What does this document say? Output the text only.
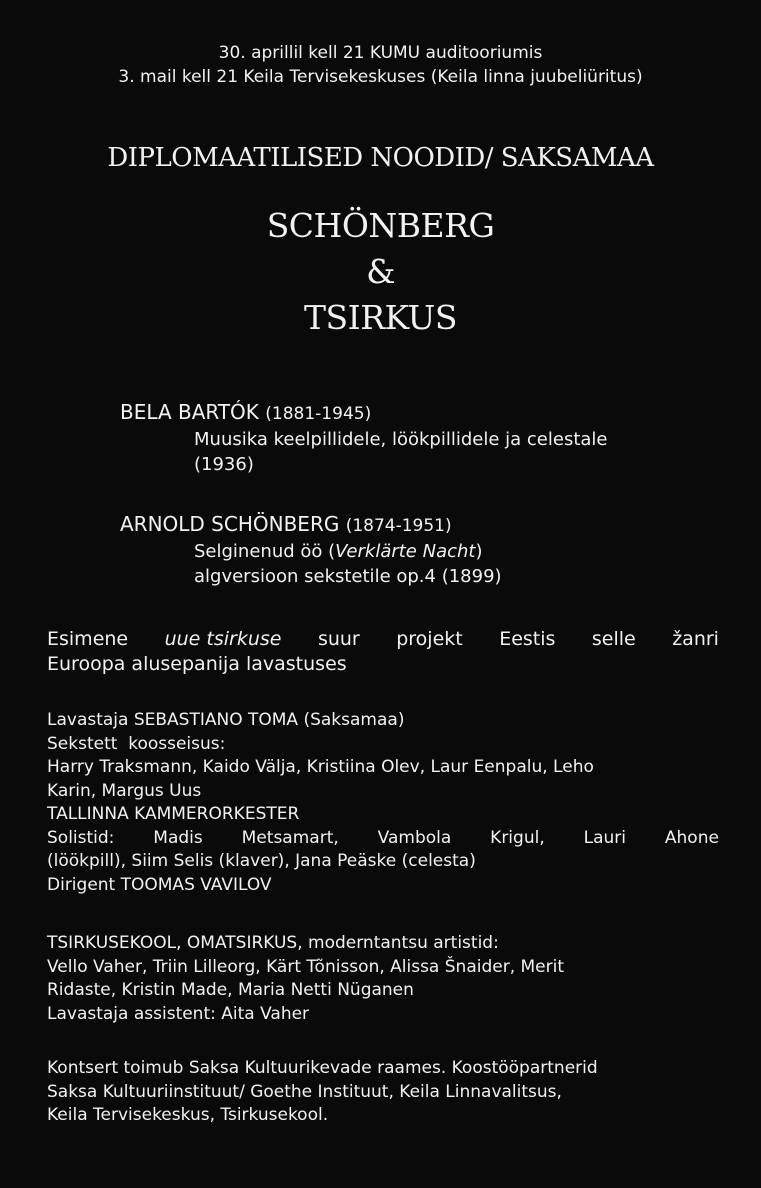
30. aprillil kell 21 KUMU auditooriumis
3. mail kell 21 Keila Tervisekeskuses (Keila linna juubeliüritus)
DIPLOMAATILISED NOODID/ SAKSAMAA
SCHÖNBERG
&
TSIRKUS
BELA BARTÓK (1881-1945)
Muusika keelpillidele, löökpillidele ja celestale
(1936)
ARNOLD SCHÖNBERG (1874-1951)
Selginenud öö (Verklärte Nacht)
algversioon sekstetile op.4 (1899)
Esimene uue tsirkuse suur projekt Eestis selle žanri
Euroopa alusepanija lavastuses
Lavastaja SEBASTIANO TOMA (Saksamaa)
Sekstett  koosseisus:
Harry Traksmann, Kaido Välja, Kristiina Olev, Laur Eenpalu, Leho
Karin, Margus Uus
TALLINNA KAMMERORKESTER
Solistid: Madis Metsamart, Vambola Krigul, Lauri Ahone
(löökpill), Siim Selis (klaver), Jana Peäske (celesta)
Dirigent TOOMAS VAVILOV
TSIRKUSEKOOL, OMATSIRKUS, moderntantsu artistid:
Vello Vaher, Triin Lilleorg, Kärt Tõnisson, Alissa Šnaider, Merit
Ridaste, Kristin Made, Maria Netti Nüganen
Lavastaja assistent: Aita Vaher
Kontsert toimub Saksa Kultuurikevade raames. Koostööpartnerid
Saksa Kultuuriinstituut/ Goethe Instituut, Keila Linnavalitsus,
Keila Tervisekeskus, Tsirkusekool.
